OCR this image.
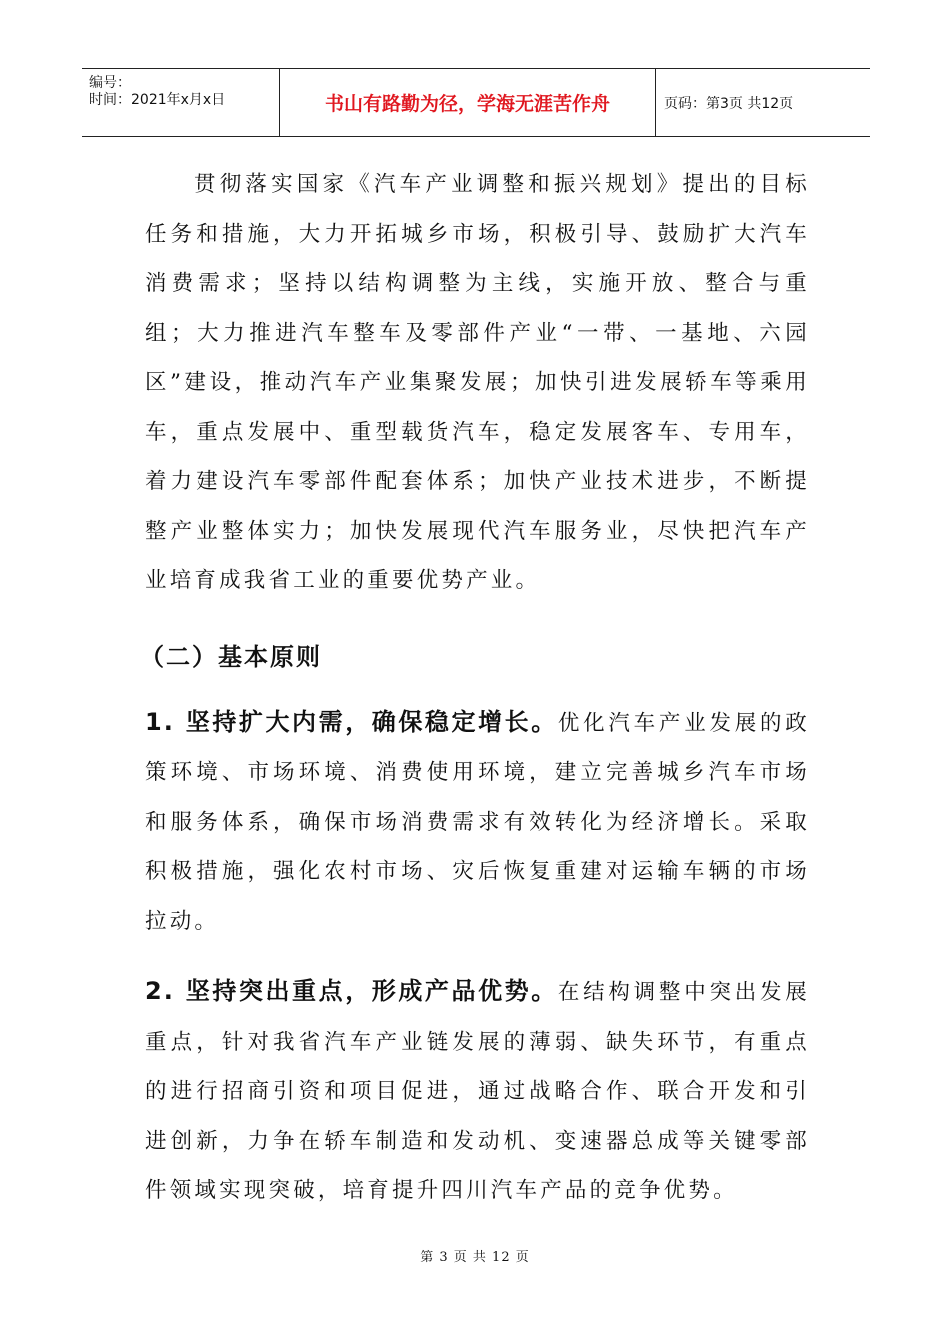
编号：
时间：2021年x月x日	书山有路勤为径，学海无涯苦作舟	页码：第3页 共12页

贯彻落实国家《汽车产业调整和振兴规划》提出的目标任务和措施，大力开拓城乡市场，积极引导、鼓励扩大汽车消费需求；坚持以结构调整为主线，实施开放、整合与重组；大力推进汽车整车及零部件产业“一带、一基地、六园区”建设，推动汽车产业集聚发展；加快引进发展轿车等乘用车，重点发展中、重型载货汽车，稳定发展客车、专用车，着力建设汽车零部件配套体系；加快产业技术进步，不断提整产业整体实力；加快发展现代汽车服务业，尽快把汽车产业培育成我省工业的重要优势产业。

（二）基本原则

1. 坚持扩大内需，确保稳定增长。优化汽车产业发展的政策环境、市场环境、消费使用环境，建立完善城乡汽车市场和服务体系，确保市场消费需求有效转化为经济增长。采取积极措施，强化农村市场、灾后恢复重建对运输车辆的市场拉动。

2. 坚持突出重点，形成产品优势。在结构调整中突出发展重点，针对我省汽车产业链发展的薄弱、缺失环节，有重点的进行招商引资和项目促进，通过战略合作、联合开发和引进创新，力争在轿车制造和发动机、变速器总成等关键零部件领域实现突破，培育提升四川汽车产品的竞争优势。

第 3 页 共 12 页
